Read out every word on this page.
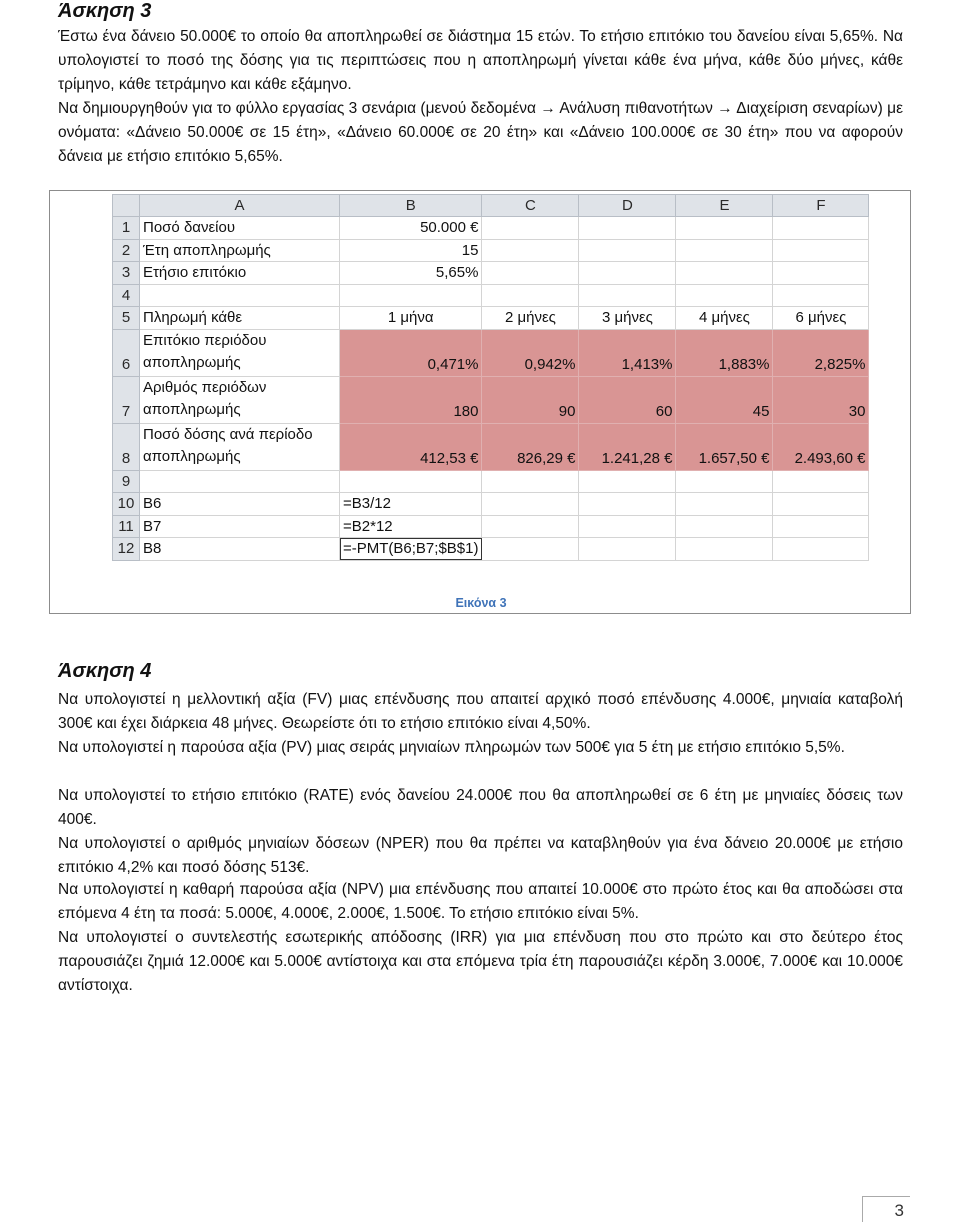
Άσκηση 3

Έστω ένα δάνειο 50.000€ το οποίο θα αποπληρωθεί σε διάστημα 15 ετών. Το ετήσιο επιτόκιο του δανείου είναι 5,65%. Να υπολογιστεί το ποσό της δόσης για τις περιπτώσεις που η αποπληρωμή γίνεται κάθε ένα μήνα, κάθε δύο μήνες, κάθε τρίμηνο, κάθε τετράμηνο και κάθε εξάμηνο.

Να δημιουργηθούν για το φύλλο εργασίας 3 σενάρια (μενού δεδομένα → Ανάλυση πιθανοτήτων → Διαχείριση σεναρίων) με ονόματα: «Δάνειο 50.000€ σε 15 έτη», «Δάνειο 60.000€ σε 20 έτη» και «Δάνειο 100.000€ σε 30 έτη» που να αφορούν δάνεια με ετήσιο επιτόκιο 5,65%.

	A	B	C	D	E	F
1	Ποσό δανείου	50.000 €				
2	Έτη αποπληρωμής	15				
3	Ετήσιο επιτόκιο	5,65%				
4						
5	Πληρωμή κάθε	1 μήνα	2 μήνες	3 μήνες	4 μήνες	6 μήνες
6	Επιτόκιο περιόδου αποπληρωμής	0,471%	0,942%	1,413%	1,883%	2,825%
7	Αριθμός περιόδων αποπληρωμής	180	90	60	45	30
8	Ποσό δόσης ανά περίοδο αποπληρωμής	412,53 €	826,29 €	1.241,28 €	1.657,50 €	2.493,60 €
9						
10	B6	=B3/12				
11	B7	=B2*12				
12	B8	=-PMT(B6;B7;$B$1)				
Εικόνα 3
Άσκηση 4

Να υπολογιστεί η μελλοντική αξία (FV) μιας επένδυσης που απαιτεί αρχικό ποσό επένδυσης 4.000€, μηνιαία καταβολή 300€ και έχει διάρκεια 48 μήνες. Θεωρείστε ότι το ετήσιο επιτόκιο είναι 4,50%.

Να υπολογιστεί η παρούσα αξία (PV) μιας σειράς μηνιαίων πληρωμών των 500€ για 5 έτη με ετήσιο επιτόκιο 5,5%.

Να υπολογιστεί το ετήσιο επιτόκιο (RATE) ενός δανείου 24.000€ που θα αποπληρωθεί σε 6 έτη με μηνιαίες δόσεις των 400€.

Να υπολογιστεί ο αριθμός μηνιαίων δόσεων (NPER) που θα πρέπει να καταβληθούν για ένα δάνειο 20.000€ με ετήσιο επιτόκιο 4,2% και ποσό δόσης 513€.

Να υπολογιστεί η καθαρή παρούσα αξία (NPV) μια επένδυσης που απαιτεί 10.000€ στο πρώτο έτος και θα αποδώσει στα επόμενα 4 έτη τα ποσά: 5.000€, 4.000€, 2.000€, 1.500€. Το ετήσιο επιτόκιο είναι 5%.

Να υπολογιστεί ο συντελεστής εσωτερικής απόδοσης (IRR) για μια επένδυση που στο πρώτο και στο δεύτερο έτος παρουσιάζει ζημιά 12.000€ και 5.000€ αντίστοιχα και στα επόμενα τρία έτη παρουσιάζει κέρδη 3.000€, 7.000€ και 10.000€ αντίστοιχα.

3
